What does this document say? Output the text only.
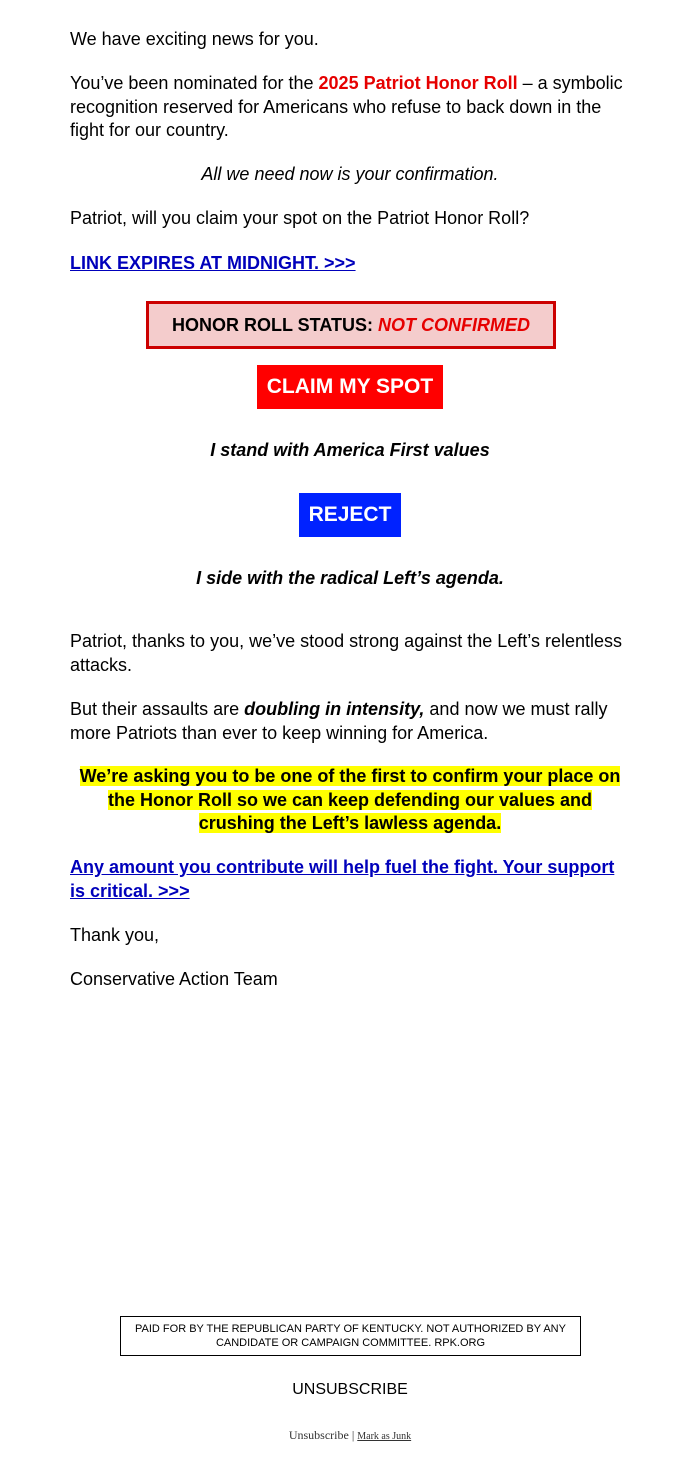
We have exciting news for you.

You’ve been nominated for the 2025 Patriot Honor Roll – a symbolic recognition reserved for Americans who refuse to back down in the fight for our country.

All we need now is your confirmation.

Patriot, will you claim your spot on the Patriot Honor Roll?

LINK EXPIRES AT MIDNIGHT. >>>

I stand with America First values

I side with the radical Left’s agenda.

Patriot, thanks to you, we’ve stood strong against the Left’s relentless attacks.

But their assaults are doubling in intensity, and now we must rally more Patriots than ever to keep winning for America.

We’re asking you to be one of the first to confirm your place on the Honor Roll so we can keep defending our values and crushing the Left’s lawless agenda.

Any amount you contribute will help fuel the fight. Your support is critical. >>>

Thank you,

Conservative Action Team

HONOR ROLL STATUS: NOT CONFIRMED
CLAIM MY SPOT
REJECT
PAID FOR BY THE REPUBLICAN PARTY OF KENTUCKY. NOT AUTHORIZED BY ANY CANDIDATE OR CAMPAIGN COMMITTEE. RPK.ORG
UNSUBSCRIBE
Unsubscribe | Mark as Junk
